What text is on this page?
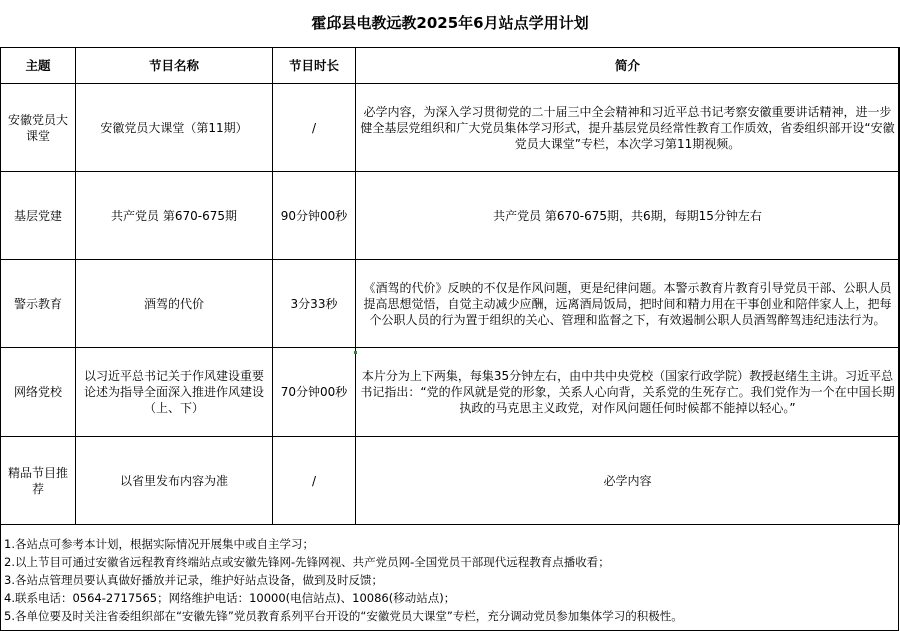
霍邱县电教远教2025年6月站点学用计划
主题	节目名称	节目时长	简介
安徽党员大课堂	安徽党员大课堂（第11期）	/	必学内容，为深入学习贯彻党的二十届三中全会精神和习近平总书记考察安徽重要讲话精神，进一步健全基层党组织和广大党员集体学习形式，提升基层党员经常性教育工作质效，省委组织部开设“安徽党员大课堂”专栏，本次学习第11期视频。
基层党建	共产党员 第670-675期	90分钟00秒	共产党员 第670-675期，共6期，每期15分钟左右
警示教育	酒驾的代价	3分33秒	《酒驾的代价》反映的不仅是作风问题，更是纪律问题。本警示教育片教育引导党员干部、公职人员提高思想觉悟，自觉主动减少应酬，远离酒局饭局，把时间和精力用在干事创业和陪伴家人上，把每个公职人员的行为置于组织的关心、管理和监督之下，有效遏制公职人员酒驾醉驾违纪违法行为。
网络党校	以习近平总书记关于作风建设重要论述为指导全面深入推进作风建设（上、下）	70分钟00秒	本片分为上下两集，每集35分钟左右，由中共中央党校（国家行政学院）教授赵绪生主讲。习近平总书记指出：“党的作风就是党的形象，关系人心向背，关系党的生死存亡。我们党作为一个在中国长期执政的马克思主义政党，对作风问题任何时候都不能掉以轻心。”
精品节目推荐	以省里发布内容为准	/	必学内容
1.各站点可参考本计划，根据实际情况开展集中或自主学习；
2.以上节目可通过安徽省远程教育终端站点或安徽先锋网-先锋网视、共产党员网-全国党员干部现代远程教育点播收看；
3.各站点管理员要认真做好播放并记录，维护好站点设备，做到及时反馈；
4.联系电话：0564-2717565；网络维护电话：10000(电信站点)、10086(移动站点)；
5.各单位要及时关注省委组织部在“安徽先锋”党员教育系列平台开设的“安徽党员大课堂”专栏，充分调动党员参加集体学习的积极性。
